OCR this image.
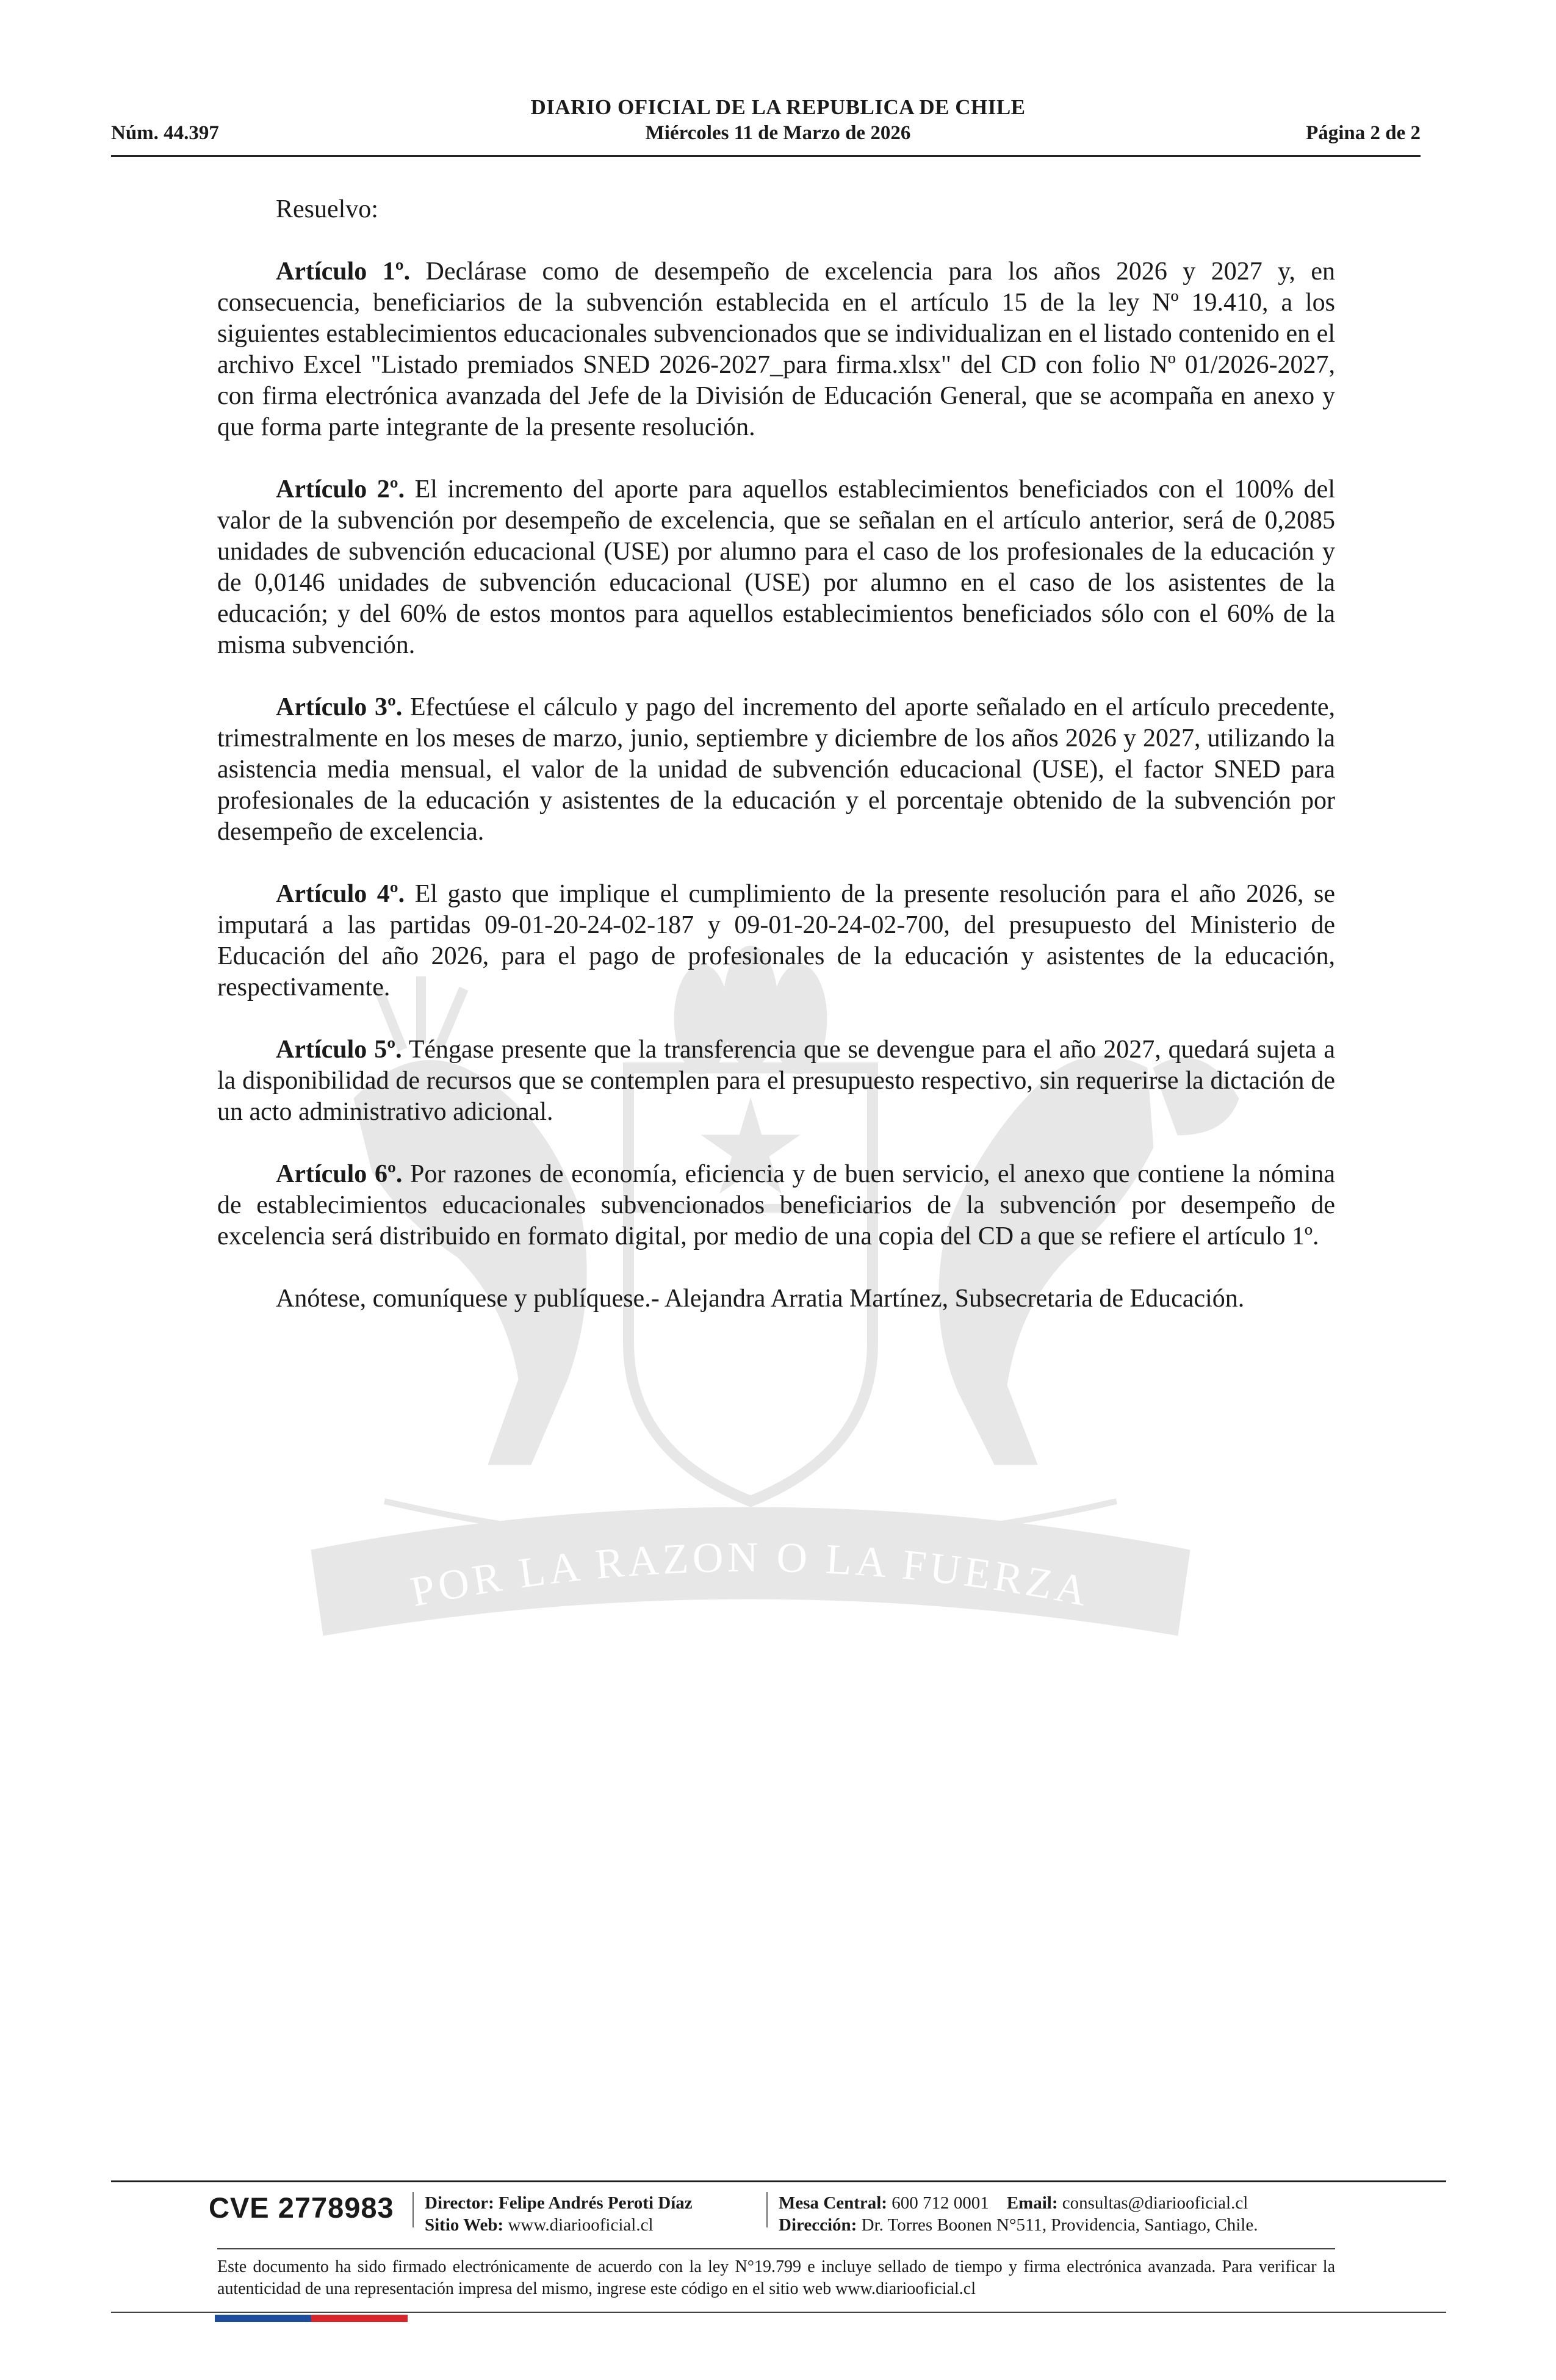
DIARIO OFICIAL DE LA REPUBLICA DE CHILE
Núm. 44.397	Miércoles 11 de Marzo de 2026	Página 2 de 2
POR LA RAZON O LA FUERZA

Resuelvo:

Artículo 1º. Declárase como de desempeño de excelencia para los años 2026 y 2027 y, en consecuencia, beneficiarios de la subvención establecida en el artículo 15 de la ley Nº 19.410, a los siguientes establecimientos educacionales subvencionados que se individualizan en el listado contenido en el archivo Excel "Listado premiados SNED 2026-2027_para firma.xlsx" del CD con folio Nº 01/2026-2027, con firma electrónica avanzada del Jefe de la División de Educación General, que se acompaña en anexo y que forma parte integrante de la presente resolución.

Artículo 2º. El incremento del aporte para aquellos establecimientos beneficiados con el 100% del valor de la subvención por desempeño de excelencia, que se señalan en el artículo anterior, será de 0,2085 unidades de subvención educacional (USE) por alumno para el caso de los profesionales de la educación y de 0,0146 unidades de subvención educacional (USE) por alumno en el caso de los asistentes de la educación; y del 60% de estos montos para aquellos establecimientos beneficiados sólo con el 60% de la misma subvención.

Artículo 3º. Efectúese el cálculo y pago del incremento del aporte señalado en el artículo precedente, trimestralmente en los meses de marzo, junio, septiembre y diciembre de los años 2026 y 2027, utilizando la asistencia media mensual, el valor de la unidad de subvención educacional (USE), el factor SNED para profesionales de la educación y asistentes de la educación y el porcentaje obtenido de la subvención por desempeño de excelencia.

Artículo 4º. El gasto que implique el cumplimiento de la presente resolución para el año 2026, se imputará a las partidas 09-01-20-24-02-187 y 09-01-20-24-02-700, del presupuesto del Ministerio de Educación del año 2026, para el pago de profesionales de la educación y asistentes de la educación, respectivamente.

Artículo 5º. Téngase presente que la transferencia que se devengue para el año 2027, quedará sujeta a la disponibilidad de recursos que se contemplen para el presupuesto respectivo, sin requerirse la dictación de un acto administrativo adicional.

Artículo 6º. Por razones de economía, eficiencia y de buen servicio, el anexo que contiene la nómina de establecimientos educacionales subvencionados beneficiarios de la subvención por desempeño de excelencia será distribuido en formato digital, por medio de una copia del CD a que se refiere el artículo 1º.

Anótese, comuníquese y publíquese.- Alejandra Arratia Martínez, Subsecretaria de Educación.

CVE 2778983 Director: Felipe Andrés Peroti Díaz
Sitio Web: www.diariooficial.cl
Mesa Central: 600 712 0001 Email: consultas@diariooficial.cl
Dirección: Dr. Torres Boonen N°511, Providencia, Santiago, Chile.
Este documento ha sido firmado electrónicamente de acuerdo con la ley N°19.799 e incluye sellado de tiempo y firma electrónica avanzada. Para verificar la autenticidad de una representación impresa del mismo, ingrese este código en el sitio web www.diariooficial.cl
